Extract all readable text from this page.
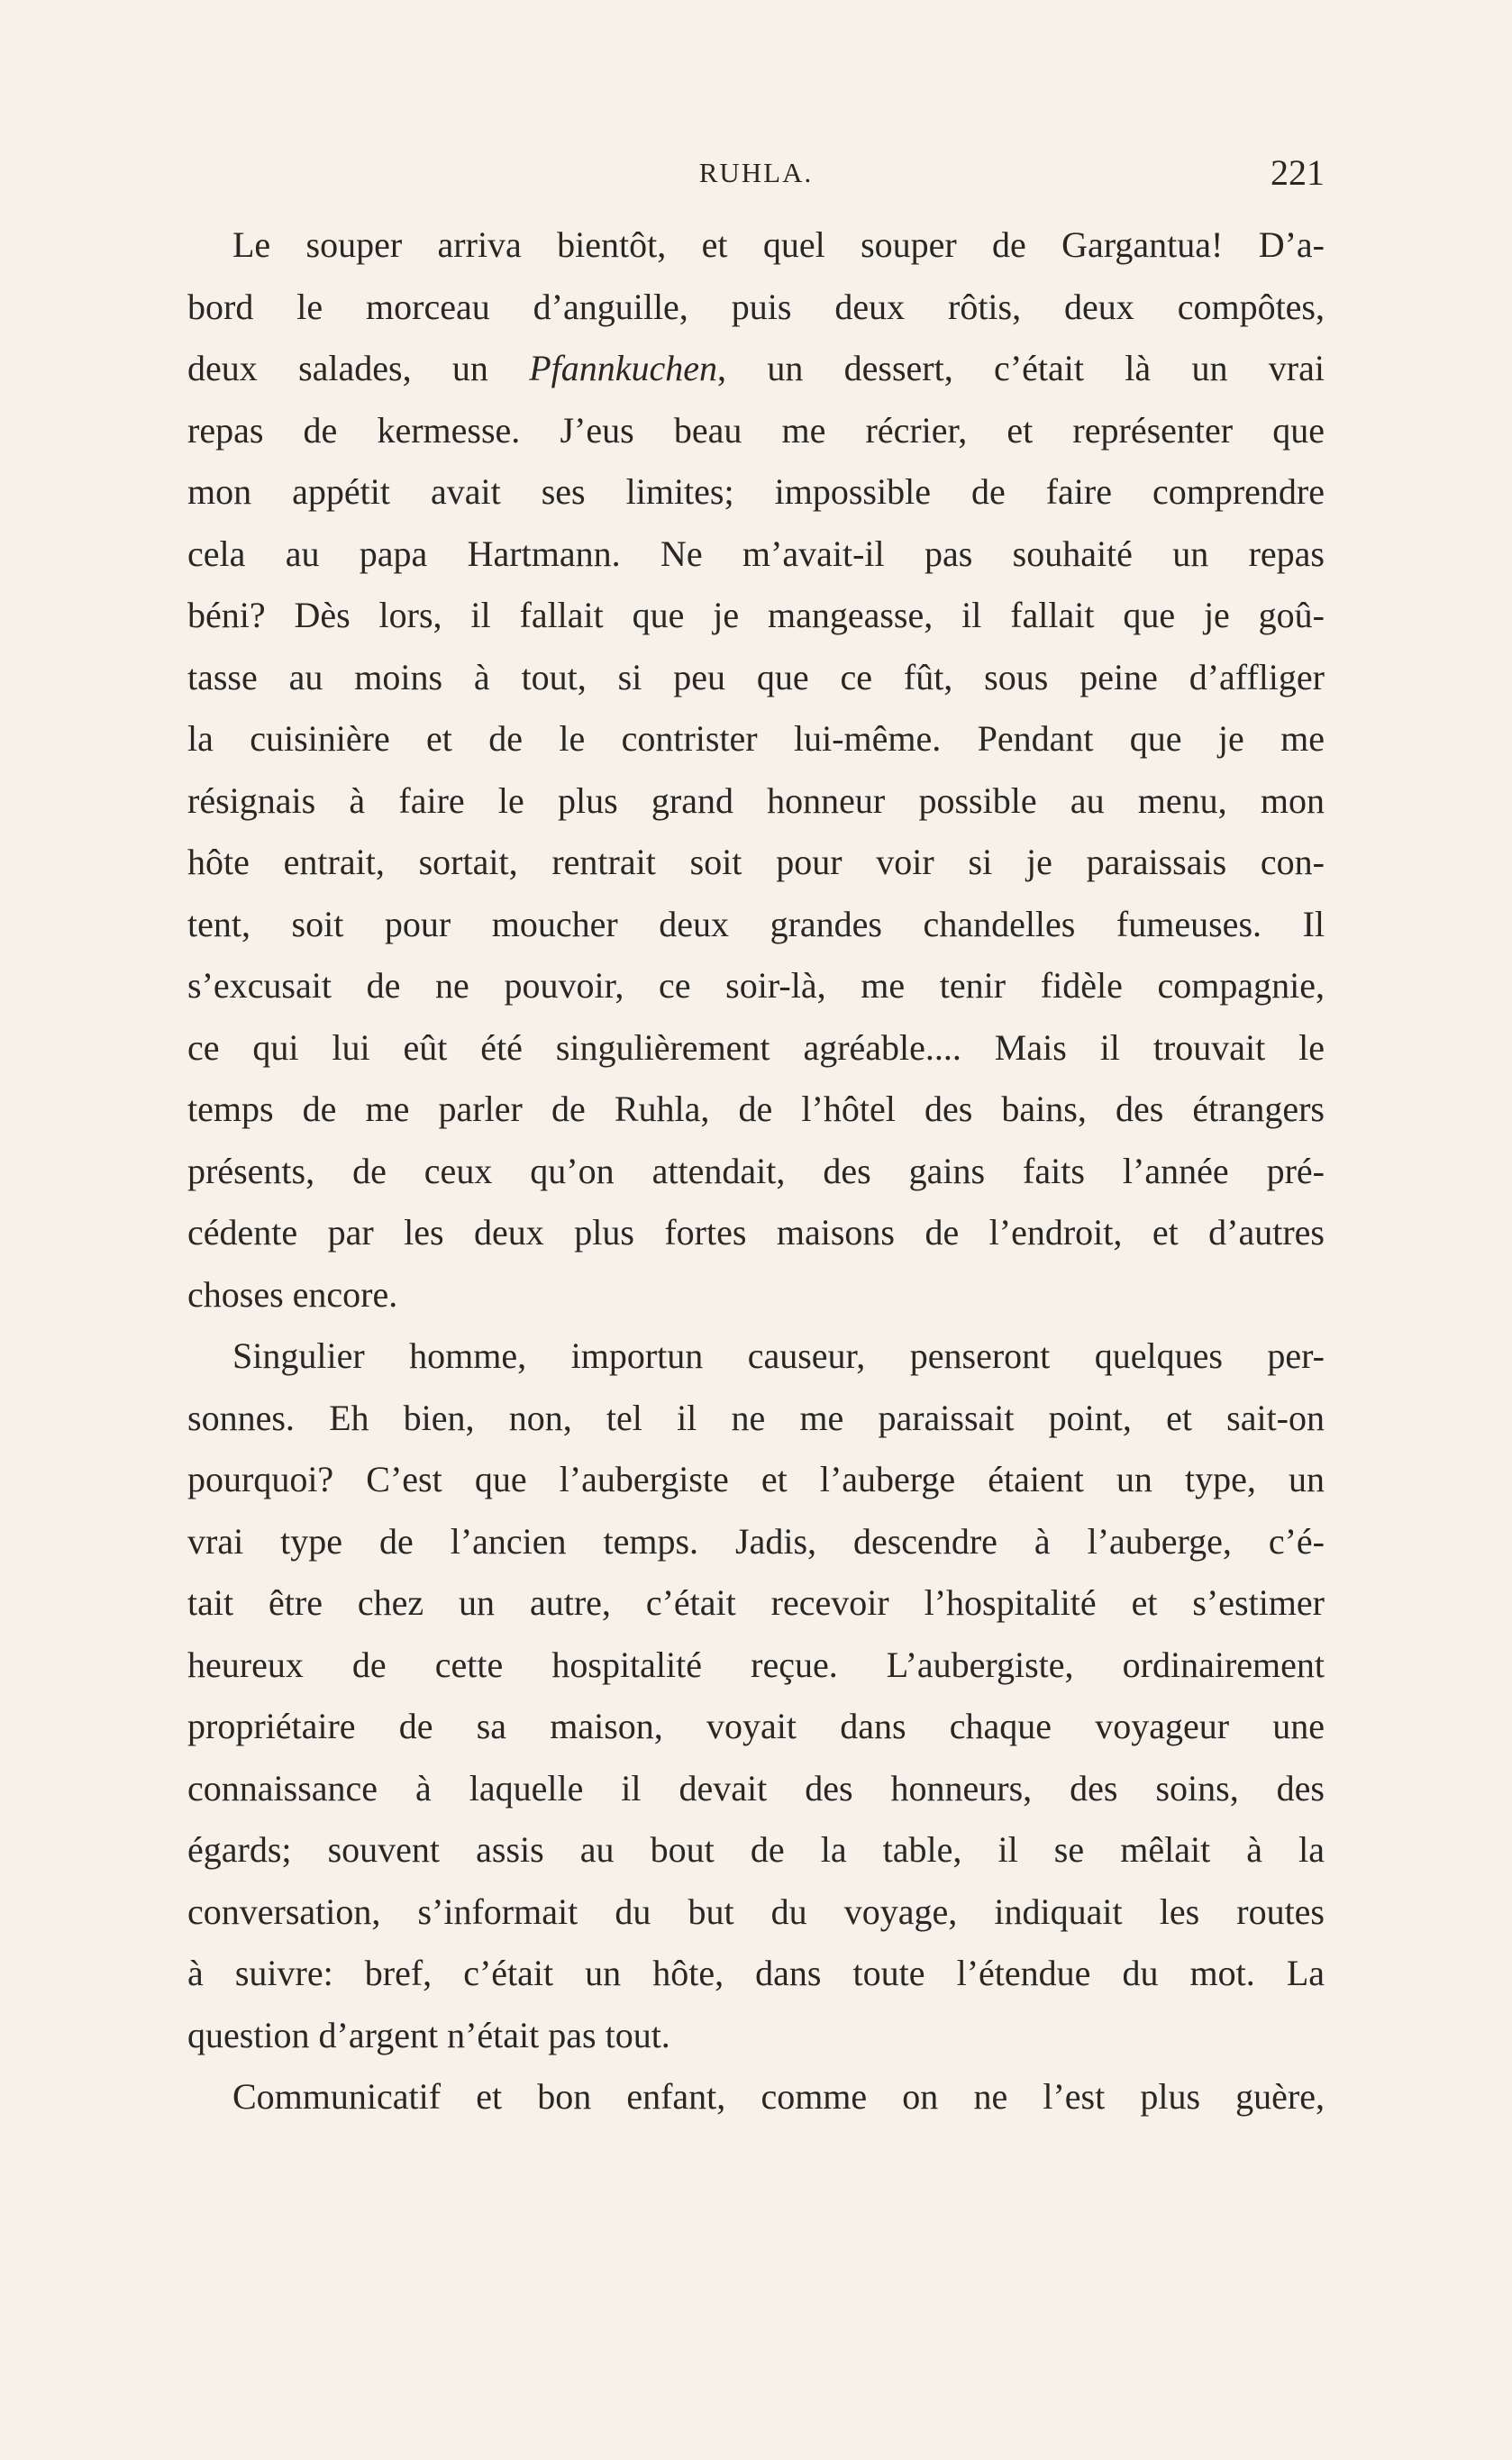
RUHLA.	221
Le souper arriva bientôt, et quel souper de Gargantua! D’a-
bord le morceau d’anguille, puis deux rôtis, deux compôtes,
deux salades, un Pfannkuchen, un dessert, c’était là un vrai
repas de kermesse. J’eus beau me récrier, et représenter que
mon appétit avait ses limites; impossible de faire comprendre
cela au papa Hartmann. Ne m’avait-il pas souhaité un repas
béni? Dès lors, il fallait que je mangeasse, il fallait que je goû-
tasse au moins à tout, si peu que ce fût, sous peine d’affliger
la cuisinière et de le contrister lui-même. Pendant que je me
résignais à faire le plus grand honneur possible au menu, mon
hôte entrait, sortait, rentrait soit pour voir si je paraissais con-
tent, soit pour moucher deux grandes chandelles fumeuses. Il
s’excusait de ne pouvoir, ce soir-là, me tenir fidèle compagnie,
ce qui lui eût été singulièrement agréable.... Mais il trouvait le
temps de me parler de Ruhla, de l’hôtel des bains, des étrangers
présents, de ceux qu’on attendait, des gains faits l’année pré-
cédente par les deux plus fortes maisons de l’endroit, et d’autres
choses encore.
Singulier homme, importun causeur, penseront quelques per-
sonnes. Eh bien, non, tel il ne me paraissait point, et sait-on
pourquoi? C’est que l’aubergiste et l’auberge étaient un type, un
vrai type de l’ancien temps. Jadis, descendre à l’auberge, c’é-
tait être chez un autre, c’était recevoir l’hospitalité et s’estimer
heureux de cette hospitalité reçue. L’aubergiste, ordinairement
propriétaire de sa maison, voyait dans chaque voyageur une
connaissance à laquelle il devait des honneurs, des soins, des
égards; souvent assis au bout de la table, il se mêlait à la
conversation, s’informait du but du voyage, indiquait les routes
à suivre: bref, c’était un hôte, dans toute l’étendue du mot. La
question d’argent n’était pas tout.
Communicatif et bon enfant, comme on ne l’est plus guère,
